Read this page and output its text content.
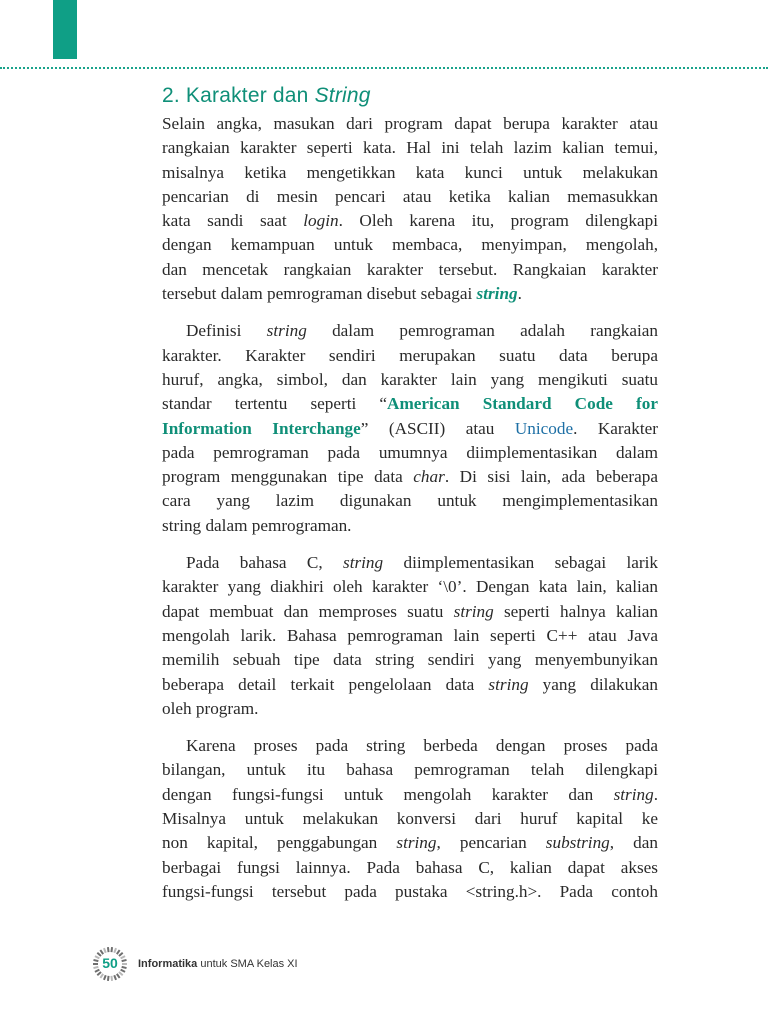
2. Karakter dan String
Selain angka, masukan dari program dapat berupa karakter atau
rangkaian karakter seperti kata. Hal ini telah lazim kalian temui,
misalnya ketika mengetikkan kata kunci untuk melakukan
pencarian di mesin pencari atau ketika kalian memasukkan
kata sandi saat login. Oleh karena itu, program dilengkapi
dengan kemampuan untuk membaca, menyimpan, mengolah,
dan mencetak rangkaian karakter tersebut. Rangkaian karakter
tersebut dalam pemrograman disebut sebagai string.
Definisi string dalam pemrograman adalah rangkaian
karakter. Karakter sendiri merupakan suatu data berupa
huruf, angka, simbol, dan karakter lain yang mengikuti suatu
standar tertentu seperti “American Standard Code for
Information Interchange” (ASCII) atau Unicode. Karakter
pada pemrograman pada umumnya diimplementasikan dalam
program menggunakan tipe data char. Di sisi lain, ada beberapa
cara yang lazim digunakan untuk mengimplementasikan
string dalam pemrograman.
Pada bahasa C, string diimplementasikan sebagai larik
karakter yang diakhiri oleh karakter ‘\0’. Dengan kata lain, kalian
dapat membuat dan memproses suatu string seperti halnya kalian
mengolah larik. Bahasa pemrograman lain seperti C++ atau Java
memilih sebuah tipe data string sendiri yang menyembunyikan
beberapa detail terkait pengelolaan data string yang dilakukan
oleh program.
Karena proses pada string berbeda dengan proses pada
bilangan, untuk itu bahasa pemrograman telah dilengkapi
dengan fungsi-fungsi untuk mengolah karakter dan string.
Misalnya untuk melakukan konversi dari huruf kapital ke
non kapital, penggabungan string, pencarian substring, dan
berbagai fungsi lainnya. Pada bahasa C, kalian dapat akses
fungsi-fungsi tersebut pada pustaka <string.h>. Pada contoh
50 Informatika untuk SMA Kelas XI
